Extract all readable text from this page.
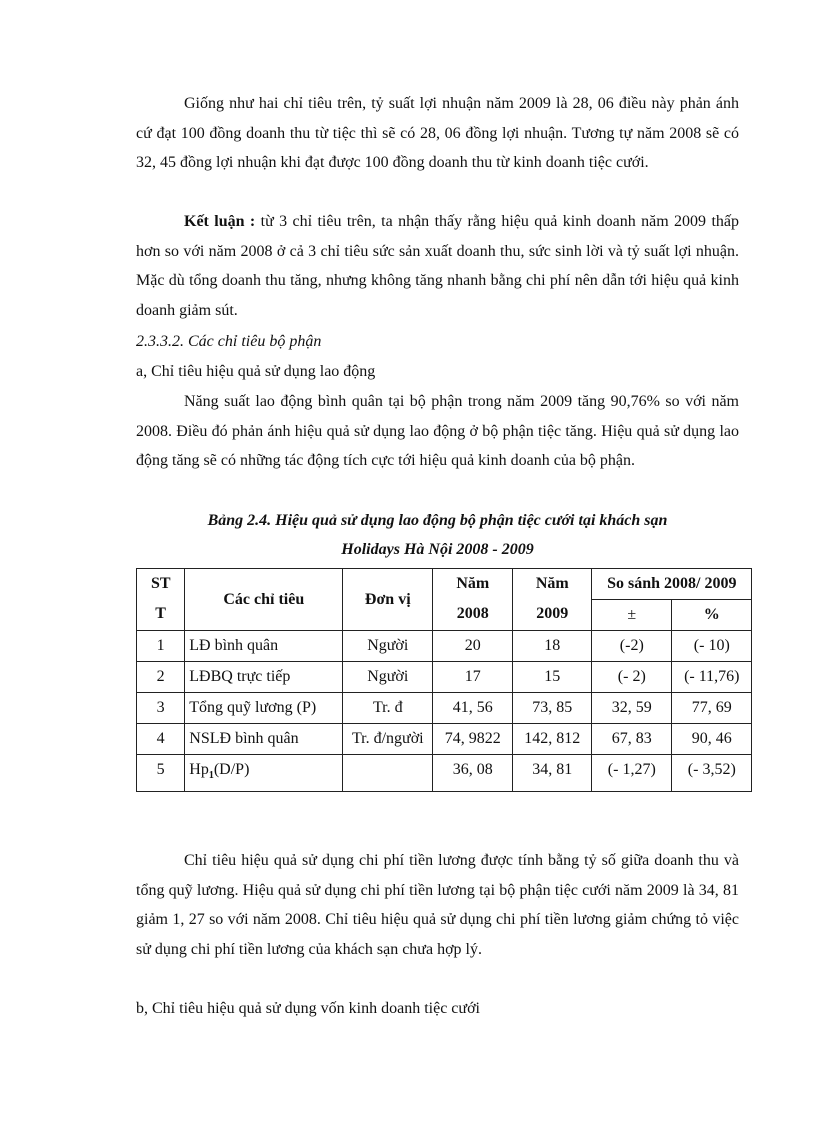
Giống như hai chỉ tiêu trên, tỷ suất lợi nhuận năm 2009 là 28, 06 điều này phản ánh cứ đạt 100 đồng doanh thu từ tiệc thì sẽ có 28, 06 đồng lợi nhuận. Tương tự năm 2008 sẽ có 32, 45 đồng lợi nhuận khi đạt được 100 đồng doanh thu từ kinh doanh tiệc cưới.

Kết luận : từ 3 chỉ tiêu trên, ta nhận thấy rằng hiệu quả kinh doanh năm 2009 thấp hơn so với năm 2008 ở cả 3 chỉ tiêu sức sản xuất doanh thu, sức sinh lời và tỷ suất lợi nhuận. Mặc dù tổng doanh thu tăng, nhưng không tăng nhanh bằng chi phí nên dẫn tới hiệu quả kinh doanh giảm sút.

2.3.3.2. Các chỉ tiêu bộ phận

a, Chỉ tiêu hiệu quả sử dụng lao động

Năng suất lao động bình quân tại bộ phận trong năm 2009 tăng 90,76% so với năm 2008. Điều đó phản ánh hiệu quả sử dụng lao động ở bộ phận tiệc tăng. Hiệu quả sử dụng lao động tăng sẽ có những tác động tích cực tới hiệu quả kinh doanh của bộ phận.

Bảng 2.4. Hiệu quả sử dụng lao động bộ phận tiệc cưới tại khách sạn

Holidays Hà Nội 2008 - 2009

ST T	Các chỉ tiêu	Đơn vị	Năm 2008	Năm 2009	So sánh 2008/ 2009	
					±	%
1	LĐ bình quân	Người	20	18	(-2)	(- 10)
2	LĐBQ trực tiếp	Người	17	15	(- 2)	(- 11,76)
3	Tổng quỹ lương (P)	Tr. đ	41, 56	73, 85	32, 59	77, 69
4	NSLĐ bình quân	Tr. đ/người	74, 9822	142, 812	67, 83	90, 46
5	$Hp_1(D/P)$		36, 08	34, 81	(- 1,27)	(- 3,52)

Chỉ tiêu hiệu quả sử dụng chi phí tiền lương được tính bằng tỷ số giữa doanh thu và tổng quỹ lương. Hiệu quả sử dụng chi phí tiền lương tại bộ phận tiệc cưới năm 2009 là 34, 81 giảm 1, 27 so với năm 2008. Chỉ tiêu hiệu quả sử dụng chi phí tiền lương giảm chứng tỏ việc sử dụng chi phí tiền lương của khách sạn chưa hợp lý.

b, Chỉ tiêu hiệu quả sử dụng vốn kinh doanh tiệc cưới
